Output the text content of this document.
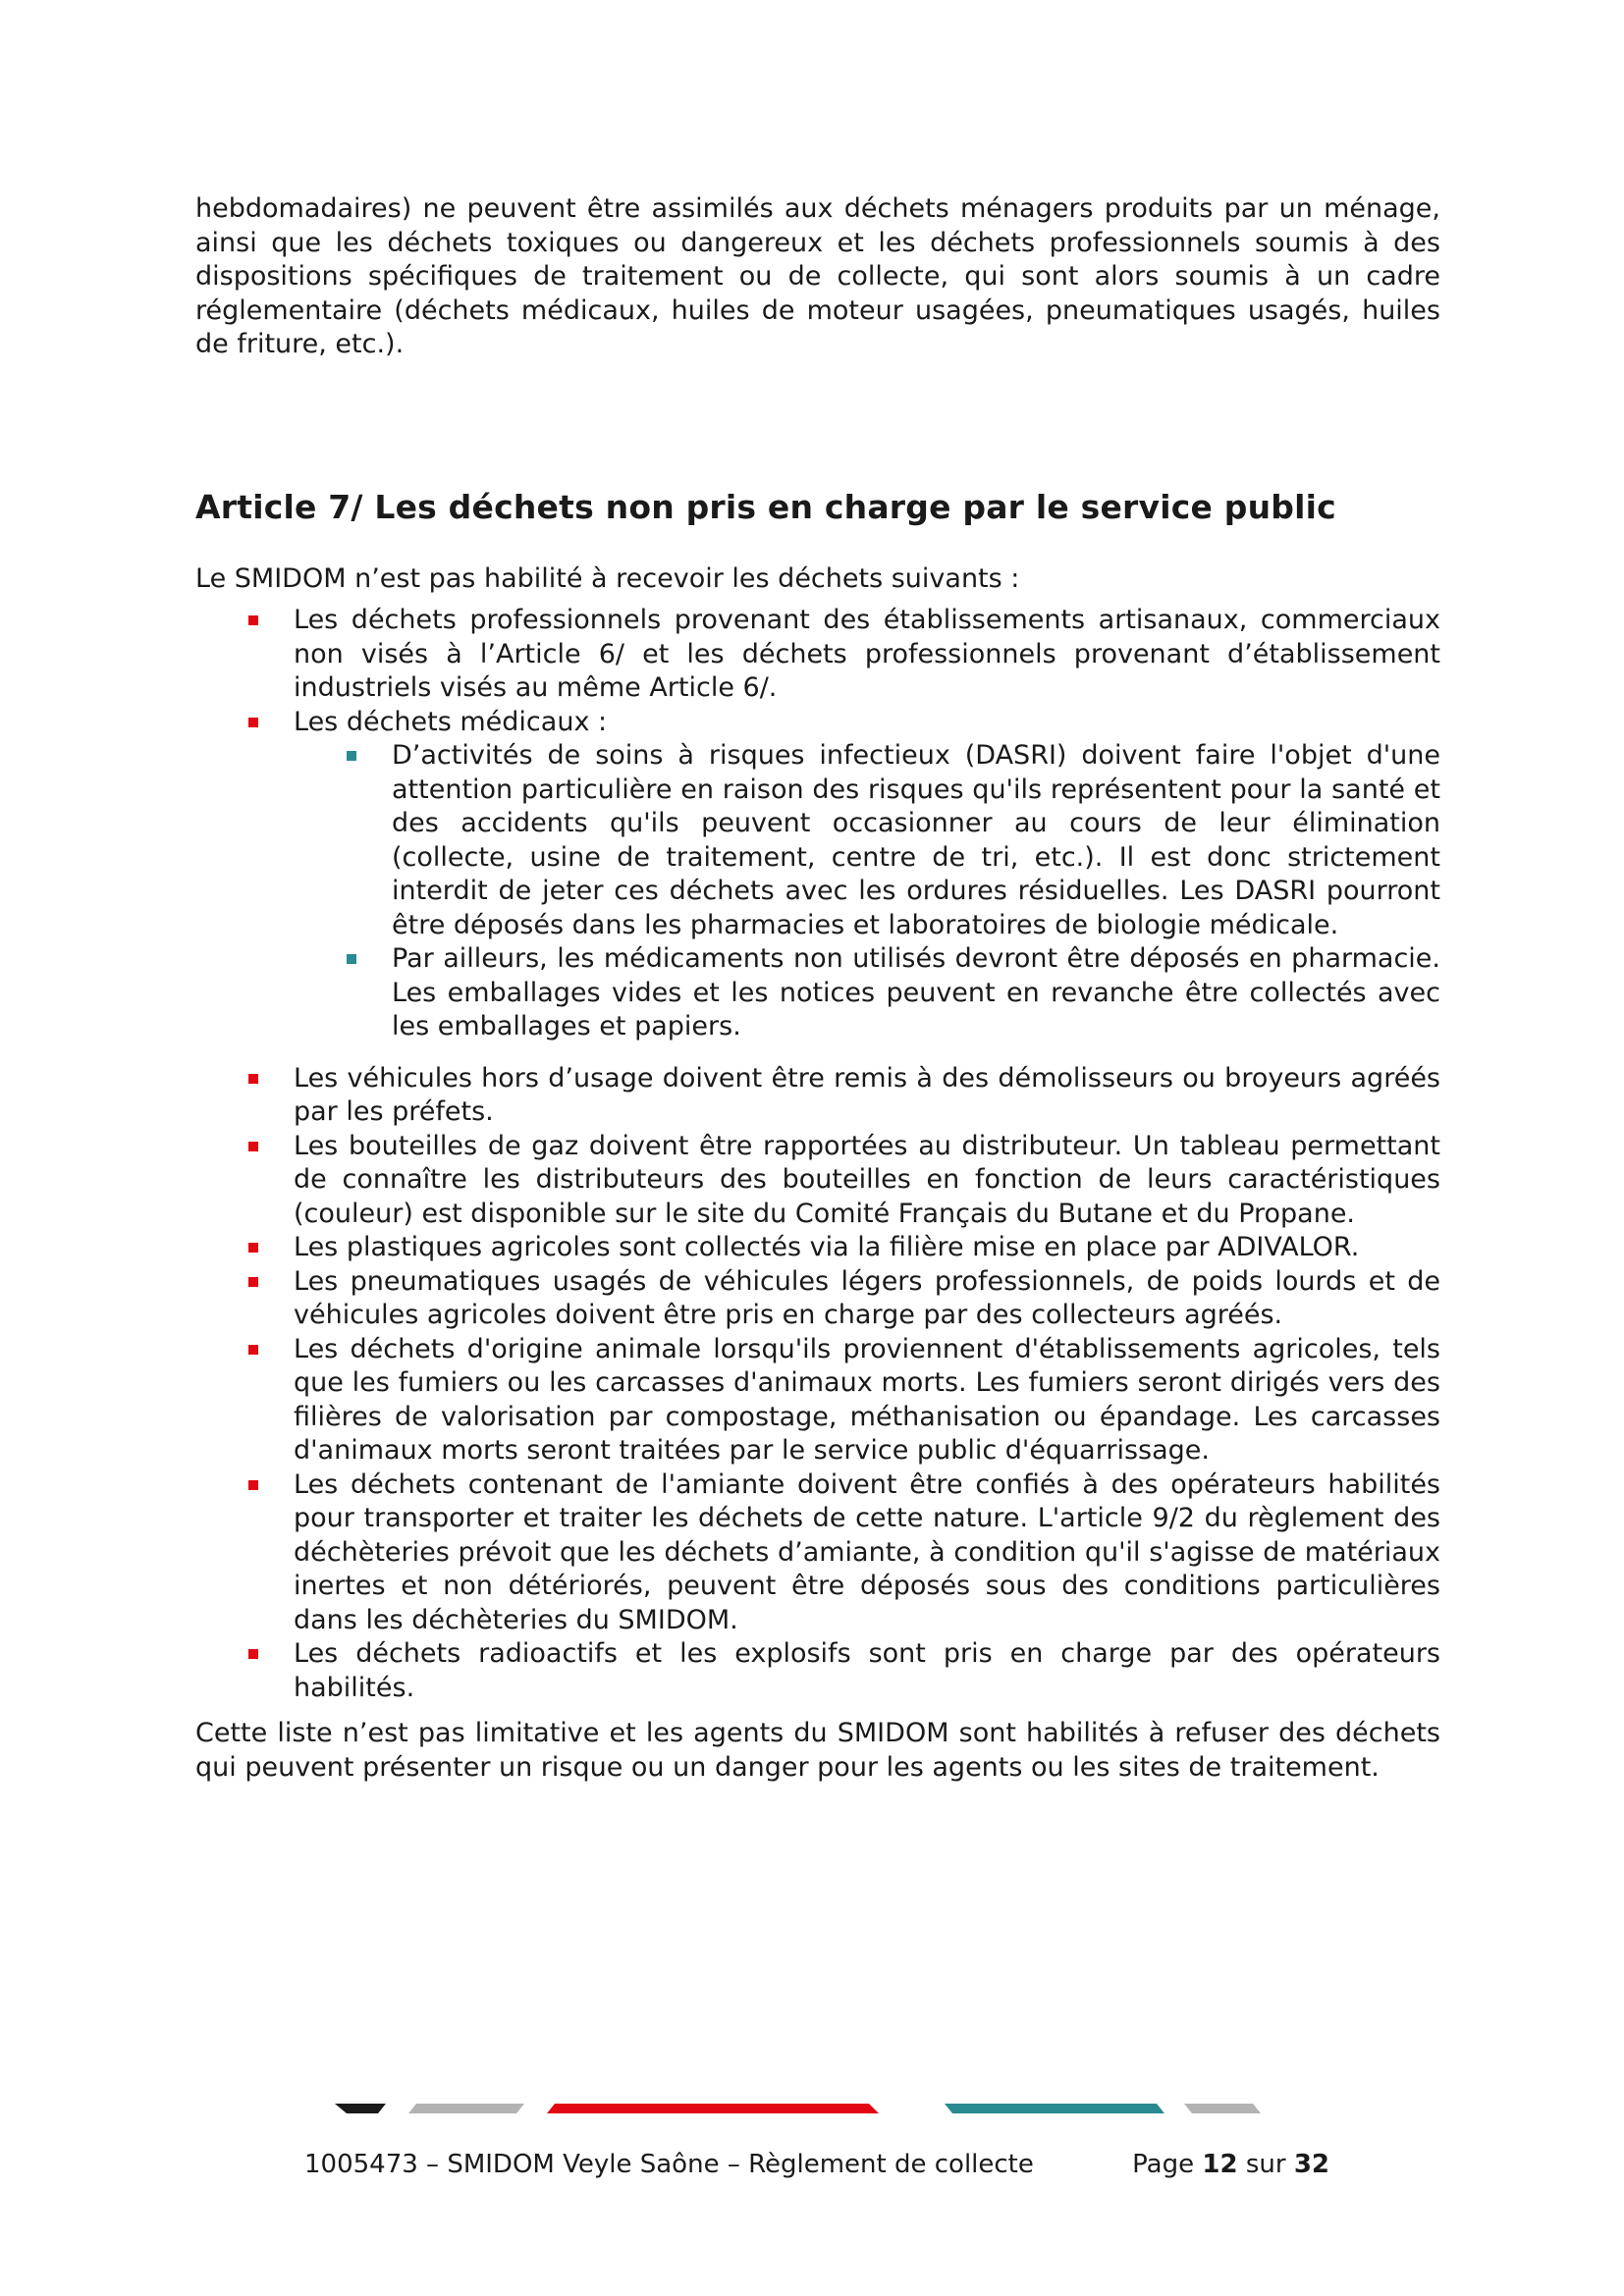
hebdomadaires) ne peuvent être assimilés aux déchets ménagers produits par un ménage, ainsi que les déchets toxiques ou dangereux et les déchets professionnels soumis à des dispositions spécifiques de traitement ou de collecte, qui sont alors soumis à un cadre réglementaire (déchets médicaux, huiles de moteur usagées, pneumatiques usagés, huiles de friture, etc.).

Article 7/ Les déchets non pris en charge par le service public

Le SMIDOM n’est pas habilité à recevoir les déchets suivants :

Les déchets professionnels provenant des établissements artisanaux, commerciaux non visés à l’Article 6/ et les déchets professionnels provenant d’établissement industriels visés au même Article 6/.
Les déchets médicaux :
D’activités de soins à risques infectieux (DASRI) doivent faire l'objet d'une attention particulière en raison des risques qu'ils représentent pour la santé et des accidents qu'ils peuvent occasionner au cours de leur élimination (collecte, usine de traitement, centre de tri, etc.). Il est donc strictement interdit de jeter ces déchets avec les ordures résiduelles. Les DASRI pourront être déposés dans les pharmacies et laboratoires de biologie médicale.
Par ailleurs, les médicaments non utilisés devront être déposés en pharmacie. Les emballages vides et les notices peuvent en revanche être collectés avec les emballages et papiers.
Les véhicules hors d’usage doivent être remis à des démolisseurs ou broyeurs agréés par les préfets.
Les bouteilles de gaz doivent être rapportées au distributeur. Un tableau permettant de connaître les distributeurs des bouteilles en fonction de leurs caractéristiques (couleur) est disponible sur le site du Comité Français du Butane et du Propane.
Les plastiques agricoles sont collectés via la filière mise en place par ADIVALOR.
Les pneumatiques usagés de véhicules légers professionnels, de poids lourds et de véhicules agricoles doivent être pris en charge par des collecteurs agréés.
Les déchets d'origine animale lorsqu'ils proviennent d'établissements agricoles, tels que les fumiers ou les carcasses d'animaux morts. Les fumiers seront dirigés vers des filières de valorisation par compostage, méthanisation ou épandage. Les carcasses d'animaux morts seront traitées par le service public d'équarrissage.
Les déchets contenant de l'amiante doivent être confiés à des opérateurs habilités pour transporter et traiter les déchets de cette nature. L'article 9/2 du règlement des déchèteries prévoit que les déchets d’amiante, à condition qu'il s'agisse de matériaux inertes et non détériorés, peuvent être déposés sous des conditions particulières dans les déchèteries du SMIDOM.
Les déchets radioactifs et les explosifs sont pris en charge par des opérateurs habilités.

Cette liste n’est pas limitative et les agents du SMIDOM sont habilités à refuser des déchets qui peuvent présenter un risque ou un danger pour les agents ou les sites de traitement.

1005473 – SMIDOM Veyle Saône – Règlement de collecte	Page 12 sur 32
